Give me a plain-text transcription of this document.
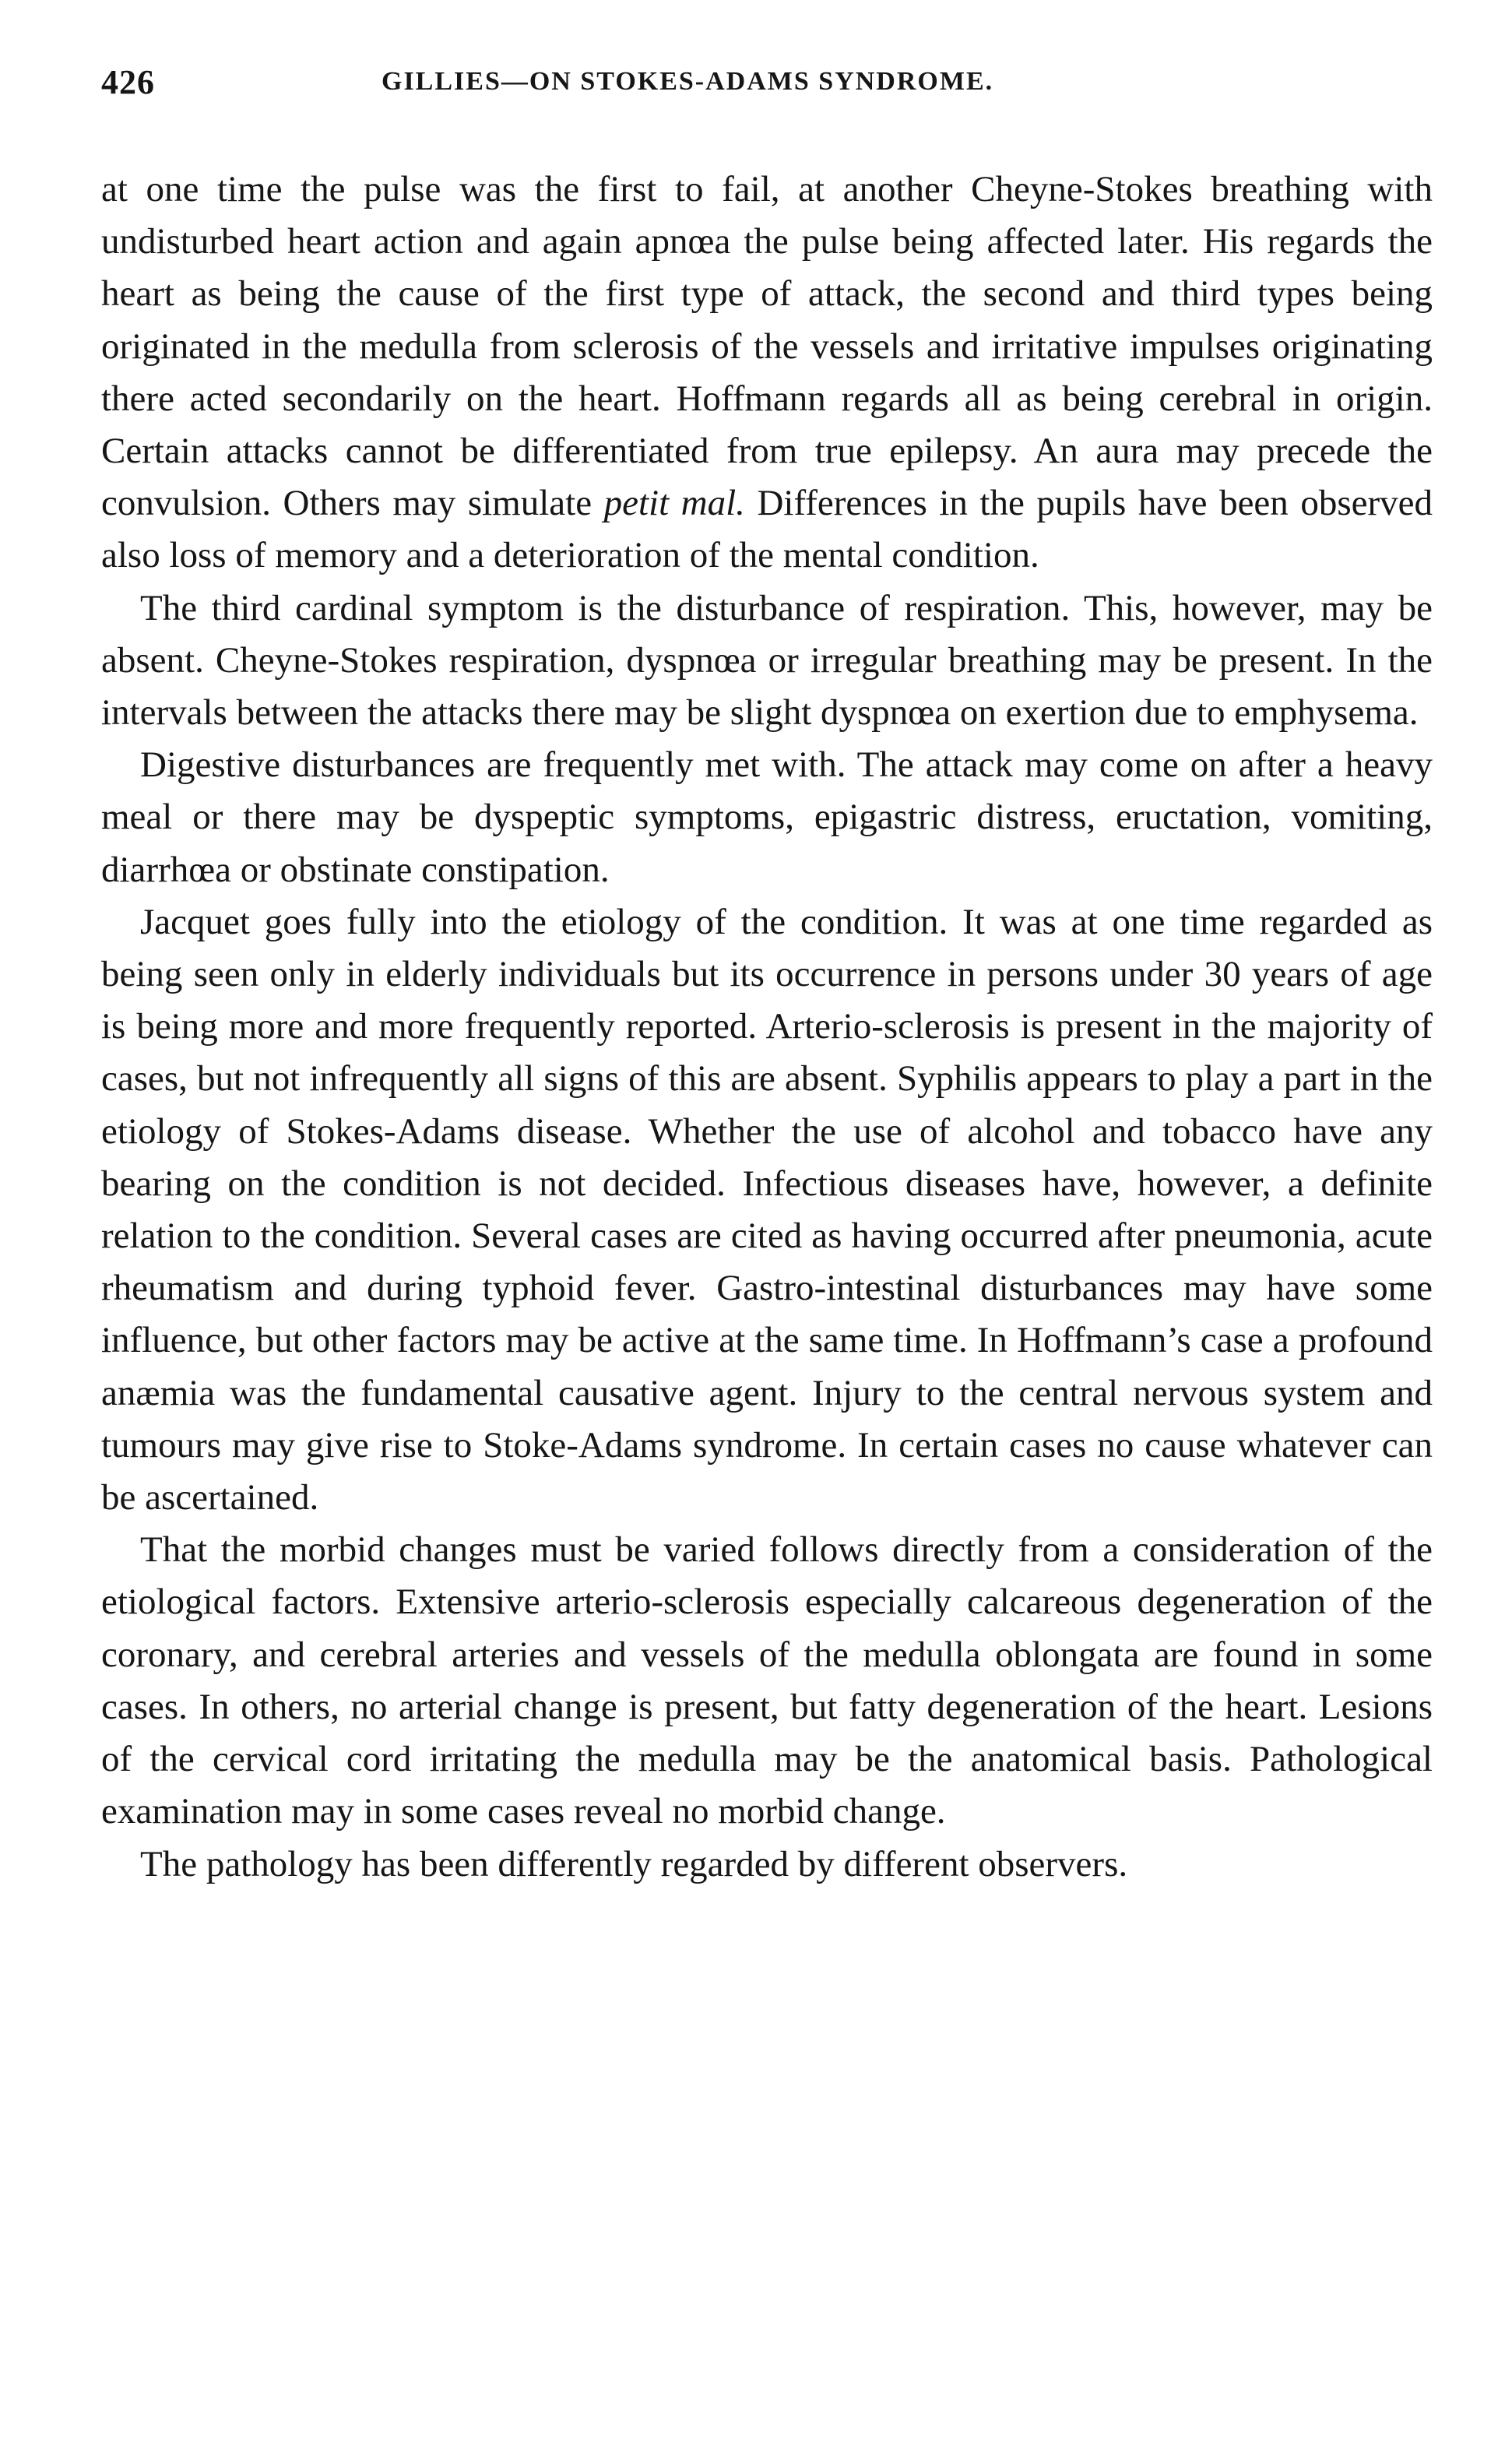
426	GILLIES—ON STOKES-ADAMS SYNDROME.

at one time the pulse was the first to fail, at another Cheyne-Stokes breathing with undisturbed heart action and again apnœa the pulse being affected later. His regards the heart as being the cause of the first type of attack, the second and third types being originated in the medulla from sclerosis of the vessels and irritative impulses originating there acted secondarily on the heart. Hoffmann regards all as being cerebral in origin. Certain attacks cannot be differentiated from true epilepsy. An aura may precede the convulsion. Others may simulate petit mal. Differences in the pupils have been observed also loss of memory and a deterioration of the mental condition.

The third cardinal symptom is the disturbance of respiration. This, however, may be absent. Cheyne-Stokes respiration, dyspnœa or irregular breathing may be present. In the intervals between the attacks there may be slight dyspnœa on exertion due to emphysema.

Digestive disturbances are frequently met with. The attack may come on after a heavy meal or there may be dyspeptic symptoms, epigastric distress, eructation, vomiting, diarrhœa or obstinate constipation.

Jacquet goes fully into the etiology of the condition. It was at one time regarded as being seen only in elderly individuals but its occurrence in persons under 30 years of age is being more and more frequently reported. Arterio-sclerosis is present in the majority of cases, but not infrequently all signs of this are absent. Syphilis appears to play a part in the etiology of Stokes-Adams disease. Whether the use of alcohol and tobacco have any bearing on the condition is not decided. Infectious diseases have, however, a definite relation to the condition. Several cases are cited as having occurred after pneumonia, acute rheumatism and during typhoid fever. Gastro-intestinal disturbances may have some influence, but other factors may be active at the same time. In Hoffmann’s case a profound anæmia was the fundamental causative agent. Injury to the central nervous system and tumours may give rise to Stoke-Adams syndrome. In certain cases no cause whatever can be ascertained.

That the morbid changes must be varied follows directly from a consideration of the etiological factors. Extensive arterio-sclerosis especially calcareous degeneration of the coronary, and cerebral arteries and vessels of the medulla oblongata are found in some cases. In others, no arterial change is present, but fatty degeneration of the heart. Lesions of the cervical cord irritating the medulla may be the anatomical basis. Pathological examination may in some cases reveal no morbid change.

The pathology has been differently regarded by different observers.
